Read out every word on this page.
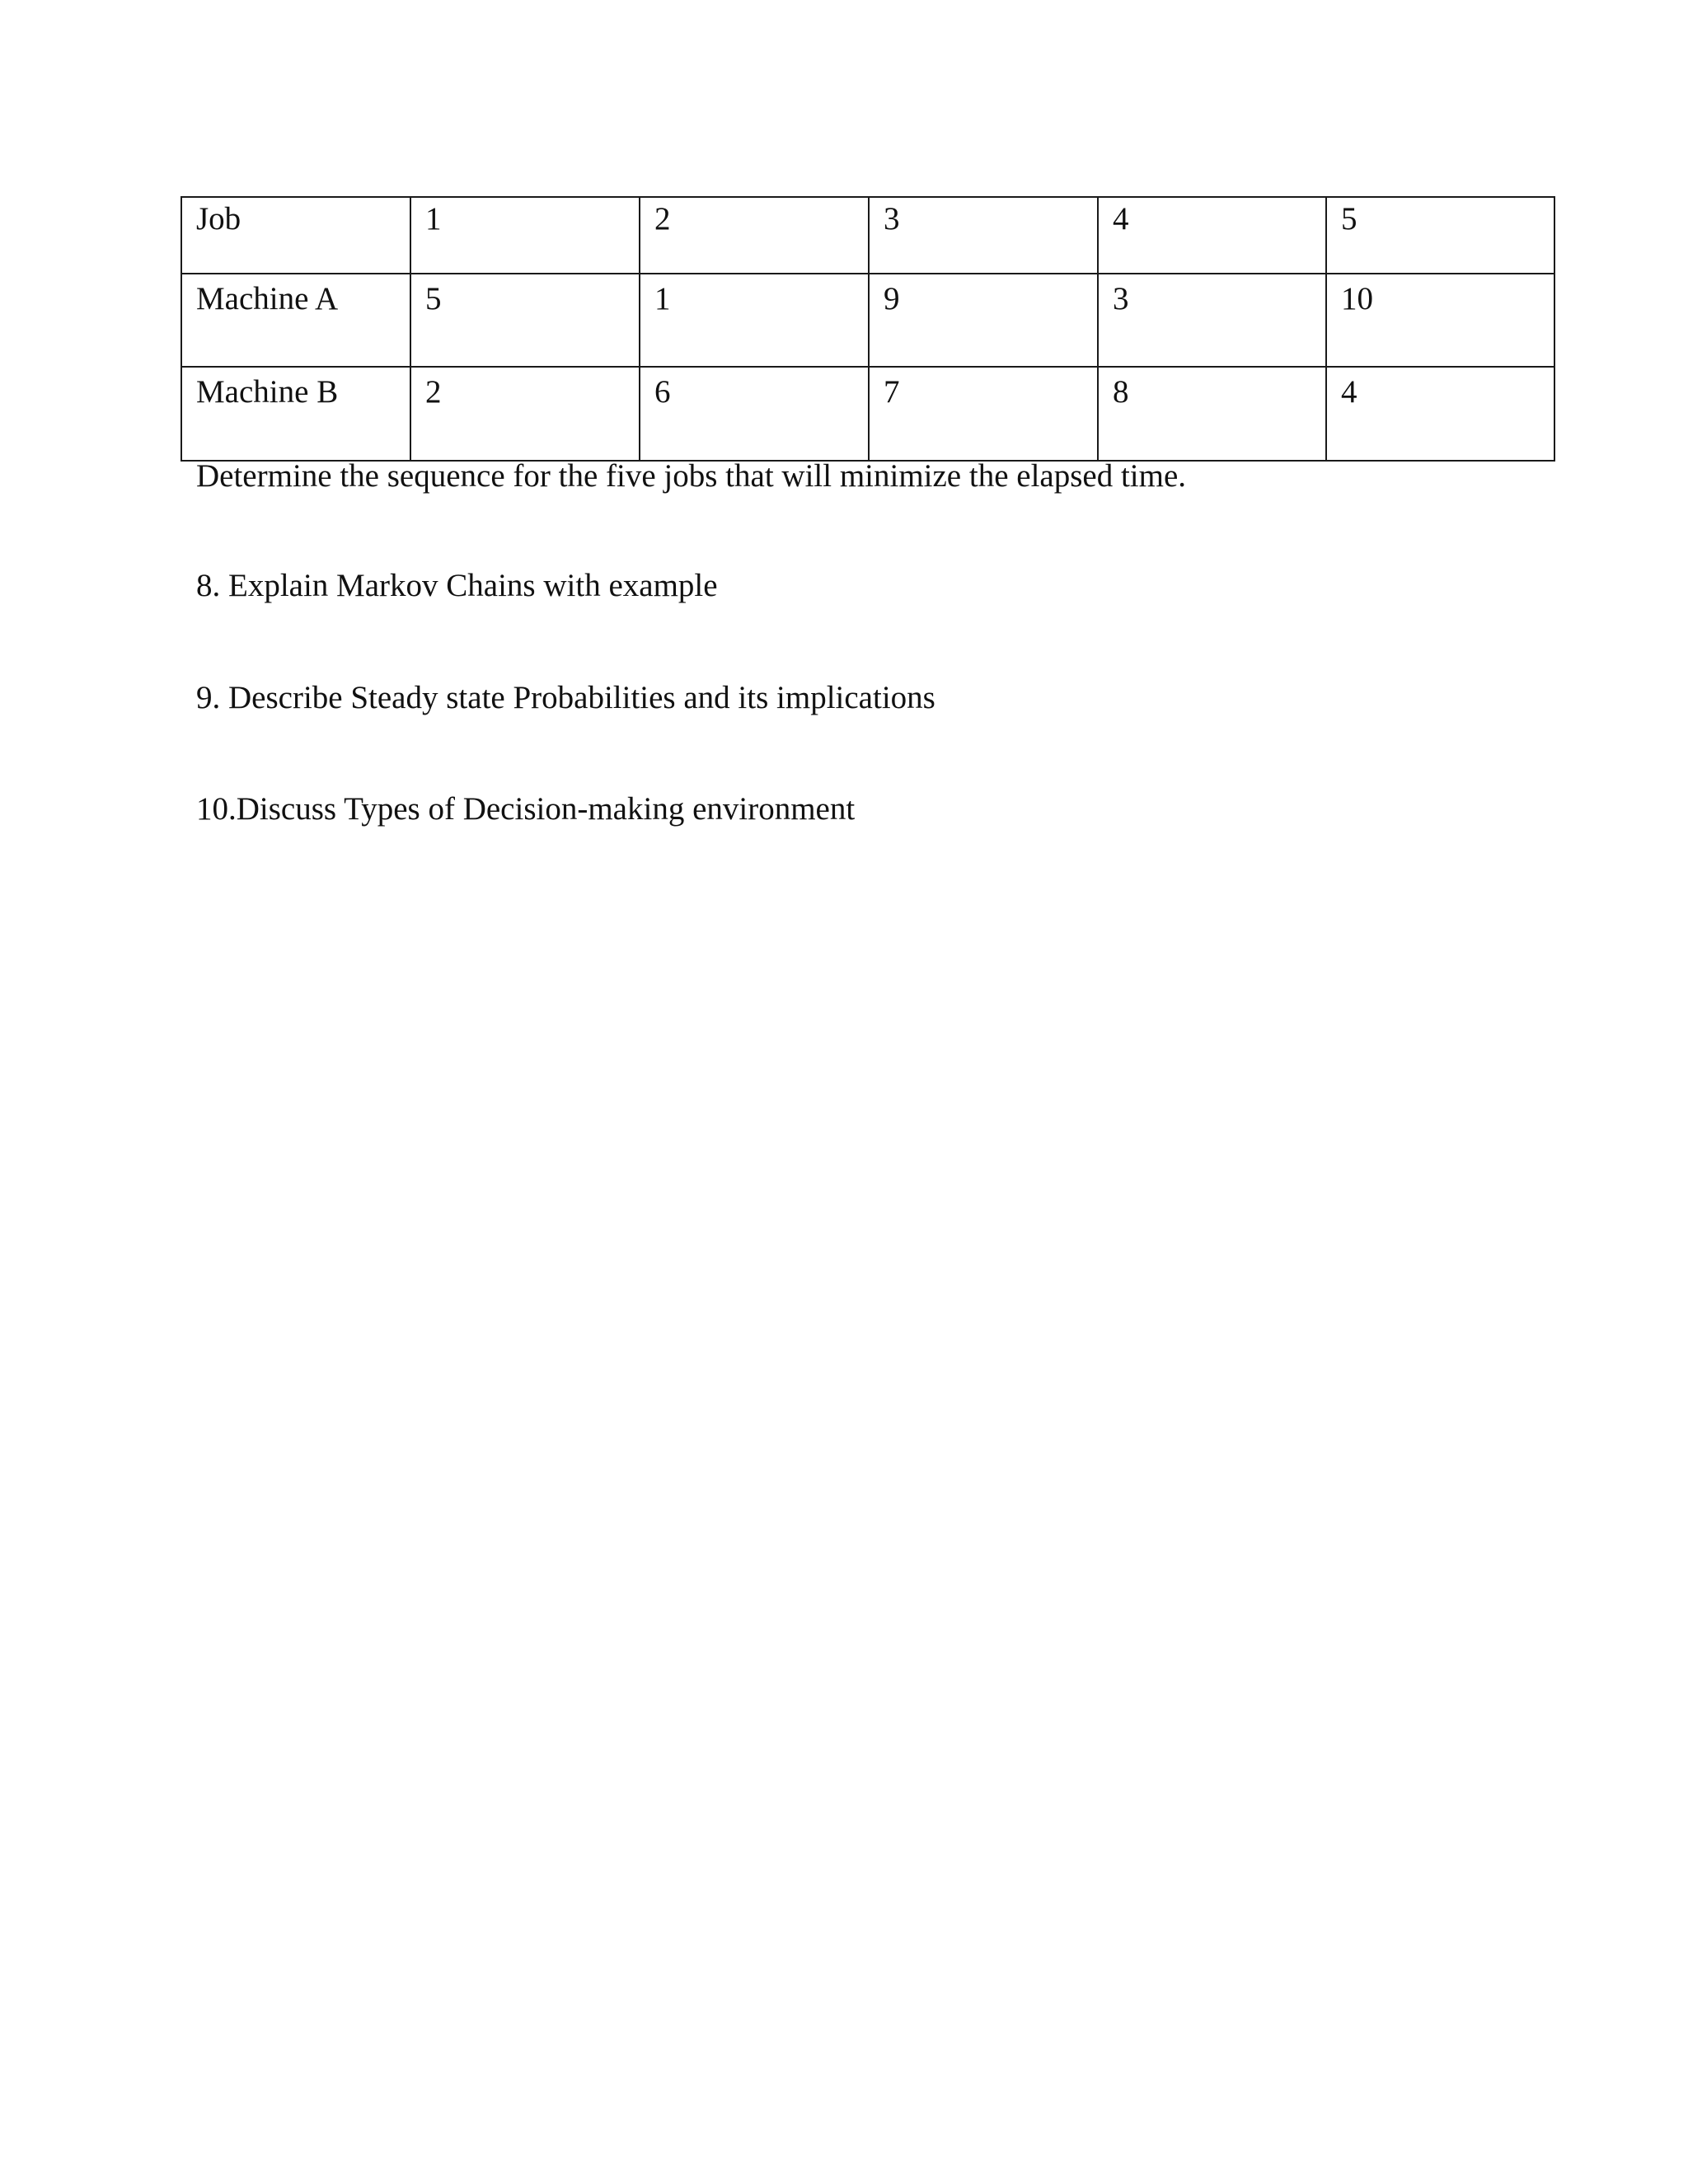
Job	1	2	3	4	5
Machine A	5	1	9	3	10
Machine B	2	6	7	8	4
Determine the sequence for the five jobs that will minimize the elapsed time.
8. Explain Markov Chains with example
9. Describe Steady state Probabilities and its implications
10.Discuss Types of Decision-making environment
